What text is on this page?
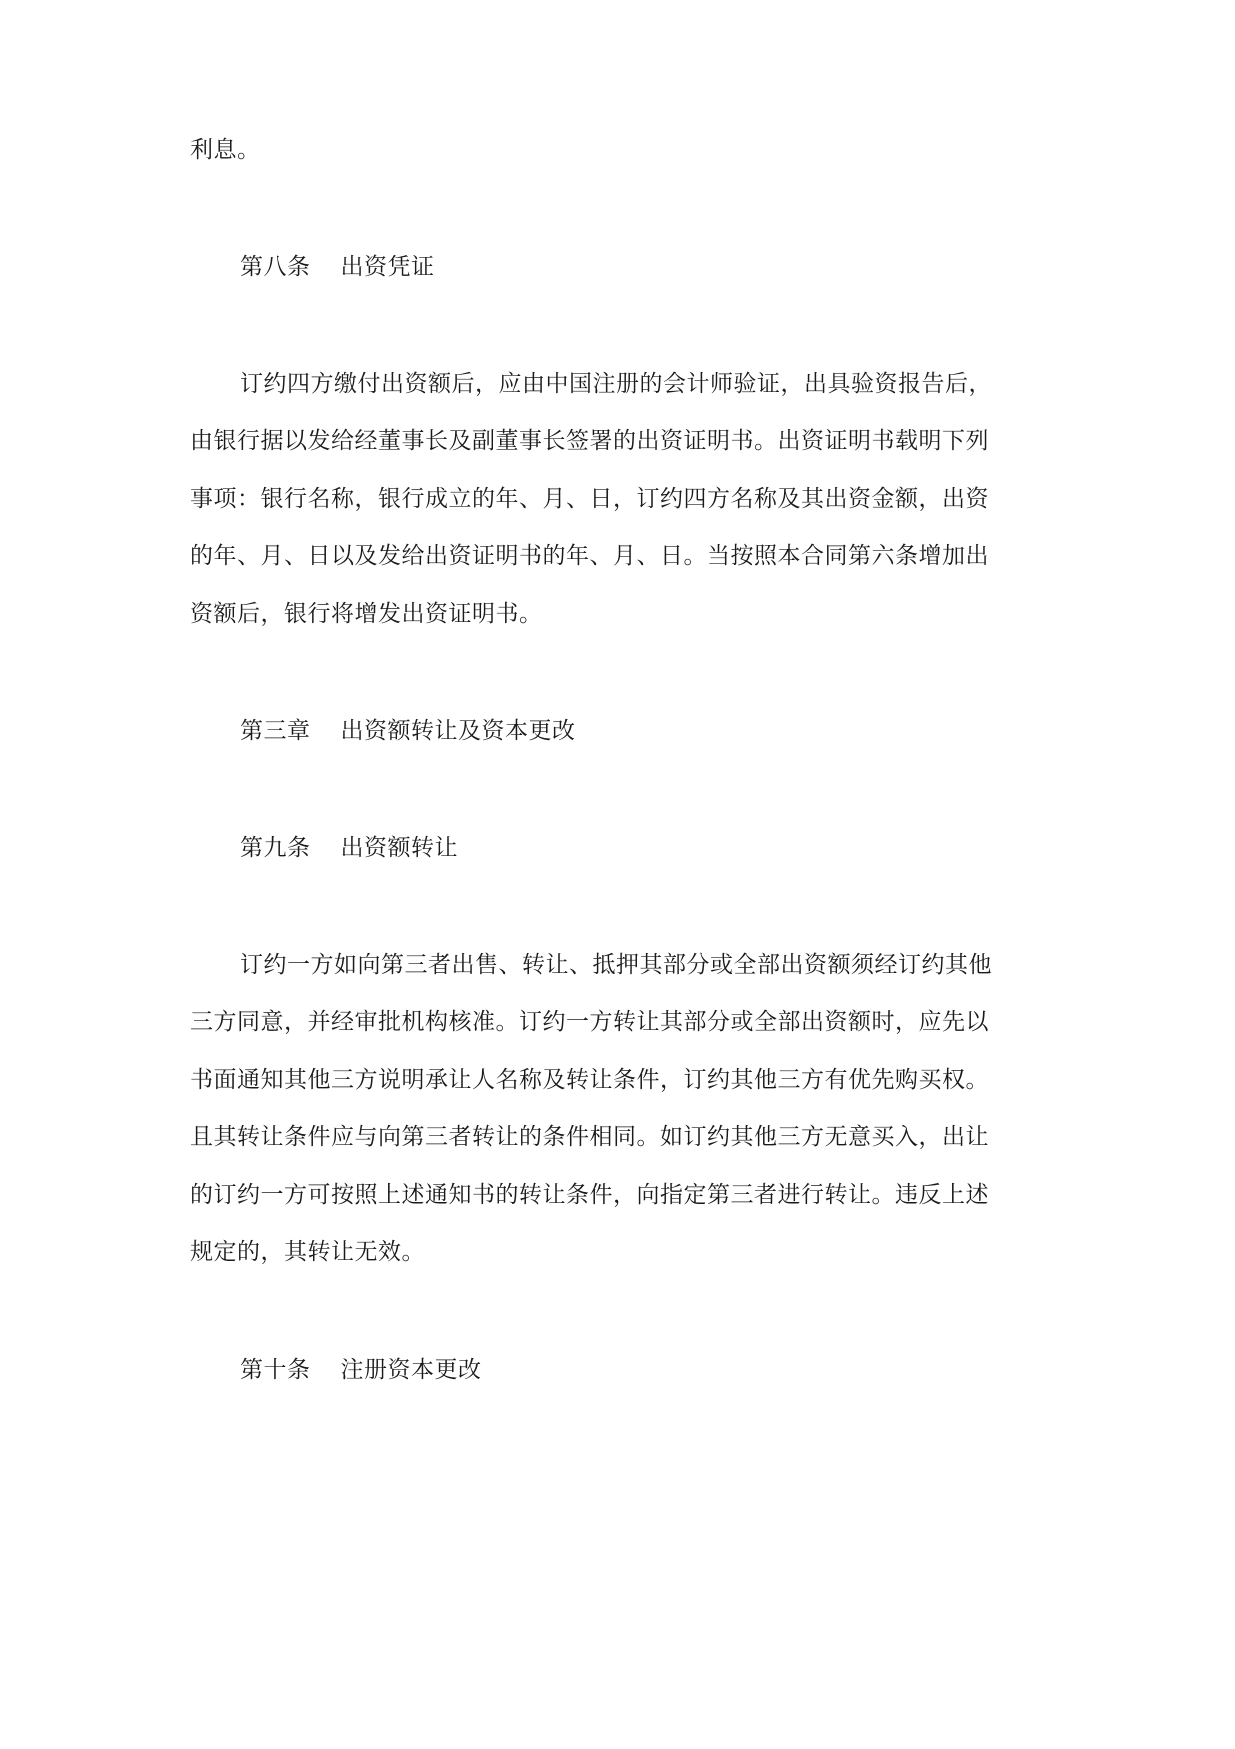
利息。
第八条 出资凭证
订约四方缴付出资额后，应由中国注册的会计师验证，出具验资报告后，
由银行据以发给经董事长及副董事长签署的出资证明书。出资证明书载明下列
事项：银行名称，银行成立的年、月、日，订约四方名称及其出资金额，出资
的年、月、日以及发给出资证明书的年、月、日。当按照本合同第六条增加出
资额后，银行将增发出资证明书。
第三章 出资额转让及资本更改
第九条 出资额转让
订约一方如向第三者出售、转让、抵押其部分或全部出资额须经订约其他
三方同意，并经审批机构核准。订约一方转让其部分或全部出资额时，应先以
书面通知其他三方说明承让人名称及转让条件，订约其他三方有优先购买权。
且其转让条件应与向第三者转让的条件相同。如订约其他三方无意买入，出让
的订约一方可按照上述通知书的转让条件，向指定第三者进行转让。违反上述
规定的，其转让无效。
第十条 注册资本更改
